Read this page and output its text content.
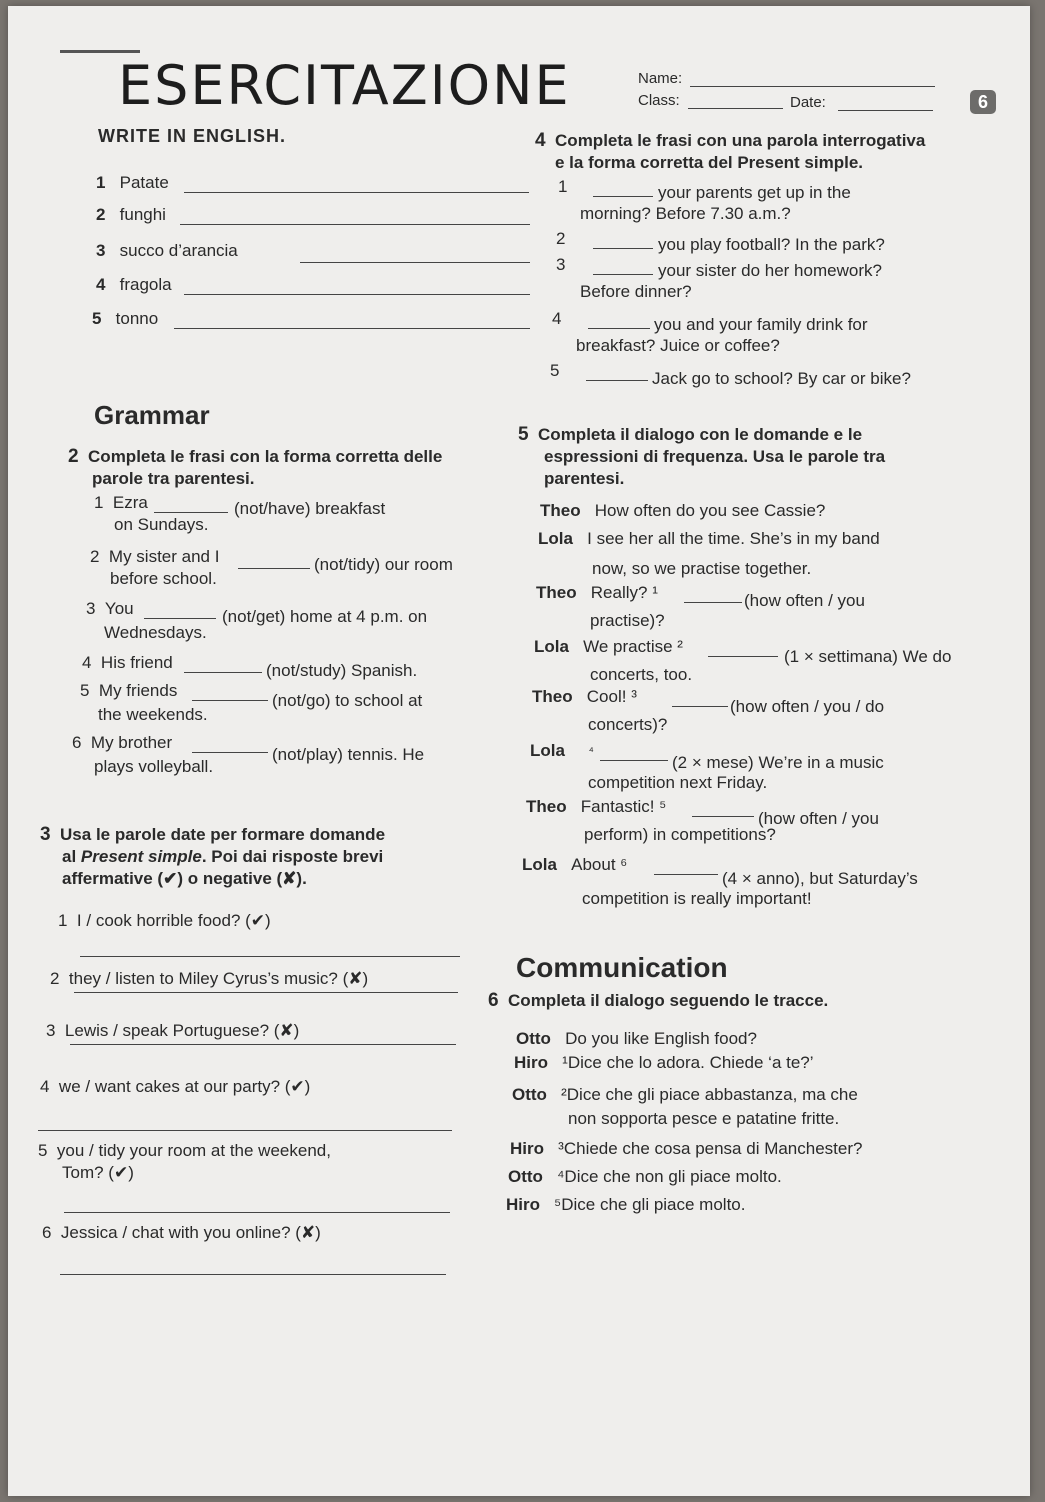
ESERCITAZIONE	Name:
Class:	Date:	6
WRITE IN ENGLISH.
1 Patate
2 funghi
3 succo d’arancia
4 fragola
5 tonno
4 Completa le frasi con una parola interrogativa
e la forma corretta del Present simple.
1	your parents get up in the
morning? Before 7.30 a.m.?
2	you play football? In the park?
3	your sister do her homework?
Before dinner?
4	you and your family drink for
breakfast? Juice or coffee?
5	Jack go to school? By car or bike?
Grammar
2 Completa le frasi con la forma corretta delle
parole tra parentesi.
1 Ezra	(not/have) breakfast
on Sundays.
2 My sister and I	(not/tidy) our room
before school.
3 You	(not/get) home at 4 p.m. on
Wednesdays.
4 His friend	(not/study) Spanish.
5 My friends
(not/go) to school at
the weekends.
6 My brother
(not/play) tennis. He
plays volleyball.
3 Usa le parole date per formare domande
al Present simple. Poi dai risposte brevi
affermative (✔) o negative (✘).
1 I / cook horrible food? (✔)
2 they / listen to Miley Cyrus’s music? (✘)
3 Lewis / speak Portuguese? (✘)
4 we / want cakes at our party? (✔)
5 you / tidy your room at the weekend,
Tom? (✔)
6 Jessica / chat with you online? (✘)
5 Completa il dialogo con le domande e le
espressioni di frequenza. Usa le parole tra
parentesi.
Theo How often do you see Cassie?
Lola I see her all the time. She’s in my band
now, so we practise together.
Theo Really? ¹	(how often / you
practise)?
Lola We practise ²
(1 × settimana) We do
concerts, too.
Theo Cool! ³
(how often / you / do
concerts)?
Lola $^{^4}$
(2 × mese) We’re in a music
competition next Friday.
Theo Fantastic! ⁵
(how often / you
perform) in competitions?
Lola About ⁶
(4 × anno), but Saturday’s
competition is really important!
Communication
6 Completa il dialogo seguendo le tracce.
Otto Do you like English food?
Hiro ¹Dice che lo adora. Chiede ‘a te?’
Otto ²Dice che gli piace abbastanza, ma che
non sopporta pesce e patatine fritte.
Hiro ³Chiede che cosa pensa di Manchester?
Otto ⁴Dice che non gli piace molto.
Hiro ⁵Dice che gli piace molto.
